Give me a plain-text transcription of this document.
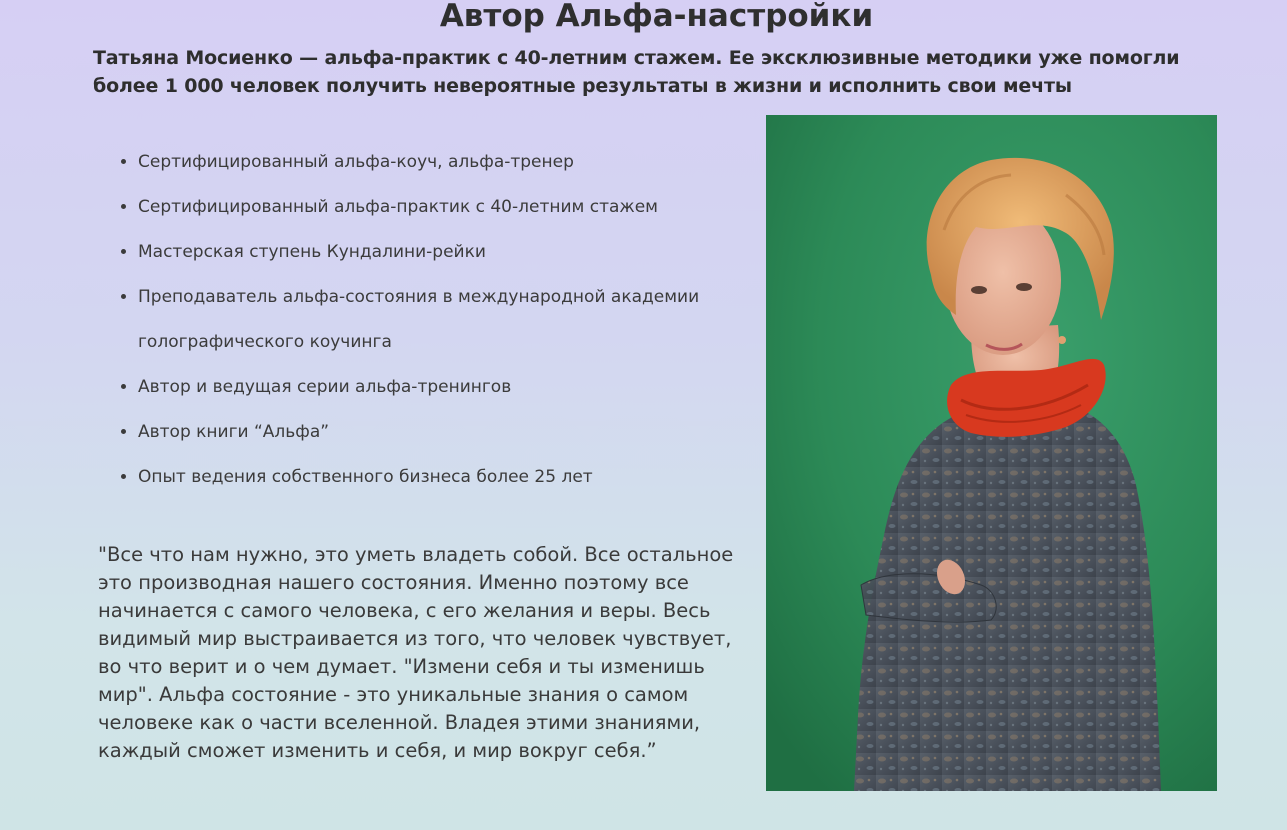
Автор Альфа-настройки

Татьяна Мосиенко — альфа-практик с 40-летним стажем. Ее эксклюзивные методики уже помогли более 1 000 человек получить невероятные результаты в жизни и исполнить свои мечты

• Сертифицированный альфа-коуч, альфа-тренер
• Сертифицированный альфа-практик с 40-летним стажем
• Мастерская ступень Кундалини-рейки
• Преподаватель альфа-состояния в международной академии голографического коучинга
• Автор и ведущая серии альфа-тренингов
• Автор книги “Альфа”
• Опыт ведения собственного бизнеса более 25 лет

"Все что нам нужно, это уметь владеть собой. Все остальное это производная нашего состояния. Именно поэтому все начинается с самого человека, с его желания и веры. Весь видимый мир выстраивается из того, что человек чувствует, во что верит и о чем думает. "Измени себя и ты изменишь мир". Альфа состояние - это уникальные знания о самом человеке как о части вселенной. Владея этими знаниями, каждый сможет изменить и себя, и мир вокруг себя.”
